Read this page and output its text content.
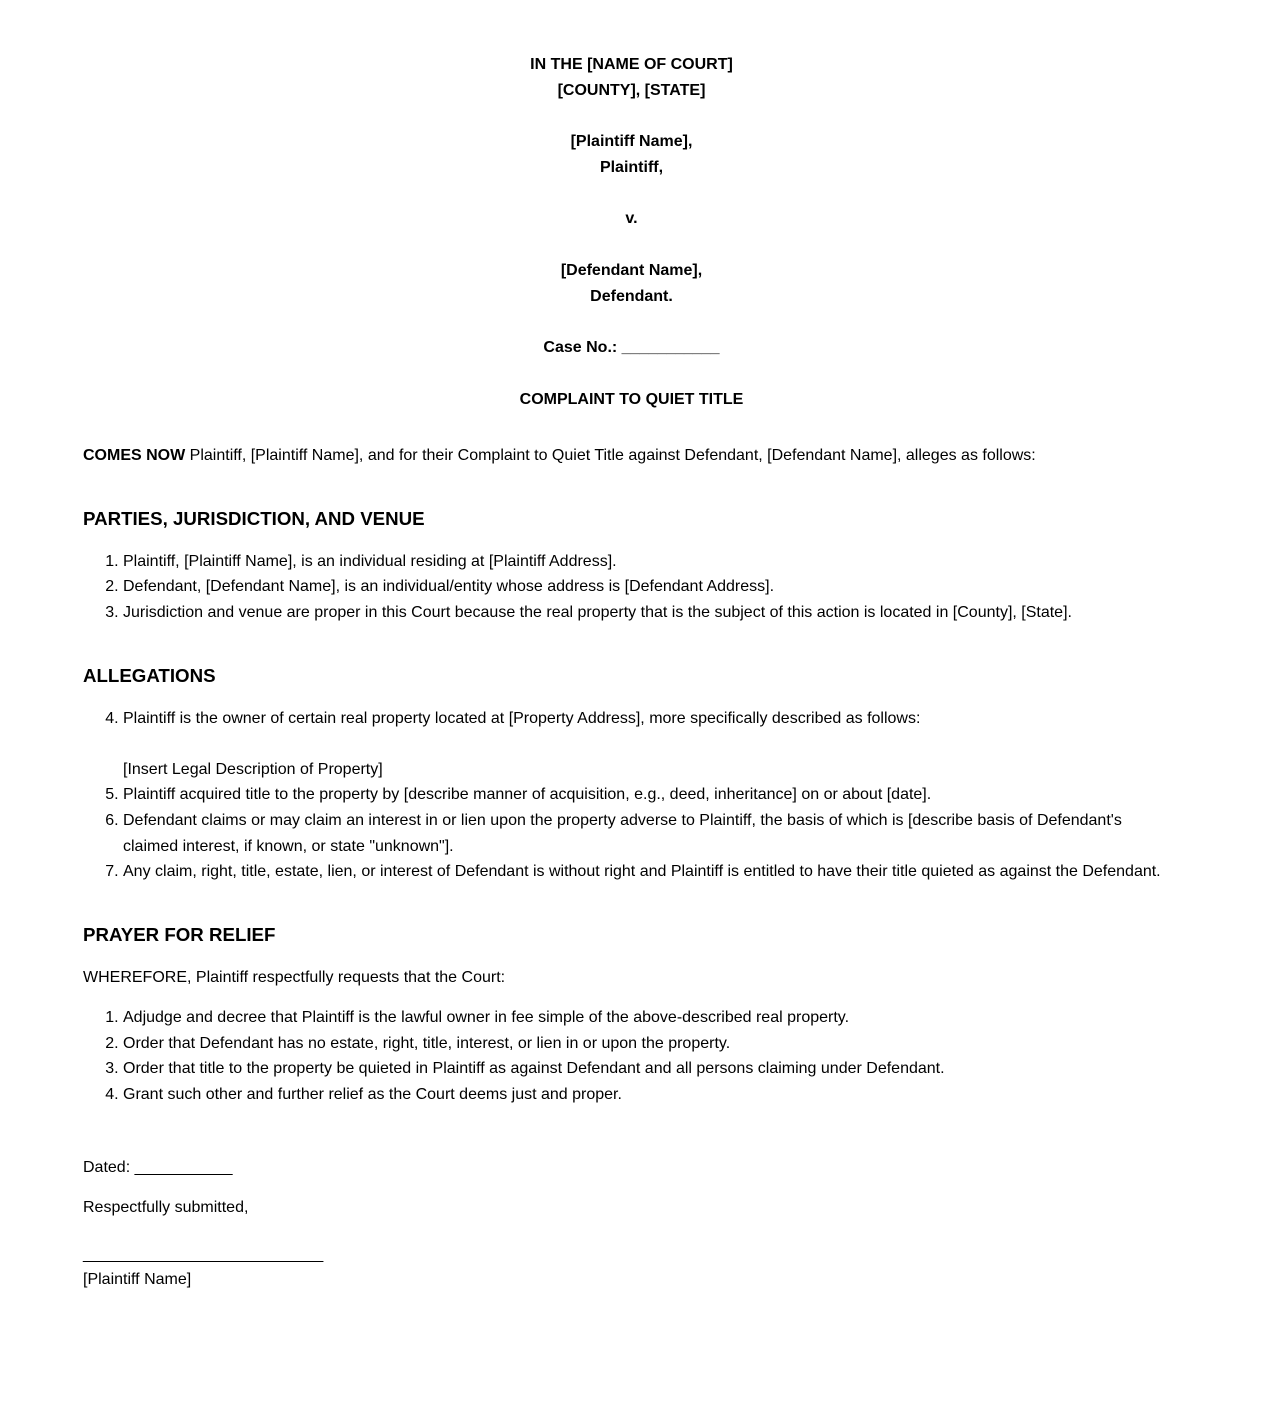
IN THE [NAME OF COURT]
[COUNTY], [STATE]
[Plaintiff Name],
Plaintiff,
v.
[Defendant Name],
Defendant.
Case No.: ___________
COMPLAINT TO QUIET TITLE

COMES NOW Plaintiff, [Plaintiff Name], and for their Complaint to Quiet Title against Defendant, [Defendant Name], alleges as follows:

PARTIES, JURISDICTION, AND VENUE
1. Plaintiff, [Plaintiff Name], is an individual residing at [Plaintiff Address].
2. Defendant, [Defendant Name], is an individual/entity whose address is [Defendant Address].
3. Jurisdiction and venue are proper in this Court because the real property that is the subject of this action is located in [County], [State].
ALLEGATIONS
4. Plaintiff is the owner of certain real property located at [Property Address], more specifically described as follows:

[Insert Legal Description of Property]
5. Plaintiff acquired title to the property by [describe manner of acquisition, e.g., deed, inheritance] on or about [date].
6. Defendant claims or may claim an interest in or lien upon the property adverse to Plaintiff, the basis of which is [describe basis of Defendant's claimed interest, if known, or state "unknown"].
7. Any claim, right, title, estate, lien, or interest of Defendant is without right and Plaintiff is entitled to have their title quieted as against the Defendant.
PRAYER FOR RELIEF

WHEREFORE, Plaintiff respectfully requests that the Court:

1. Adjudge and decree that Plaintiff is the lawful owner in fee simple of the above-described real property.
2. Order that Defendant has no estate, right, title, interest, or lien in or upon the property.
3. Order that title to the property be quieted in Plaintiff as against Defendant and all persons claiming under Defendant.
4. Grant such other and further relief as the Court deems just and proper.

Dated: ___________

Respectfully submitted,

___________________________
[Plaintiff Name]
